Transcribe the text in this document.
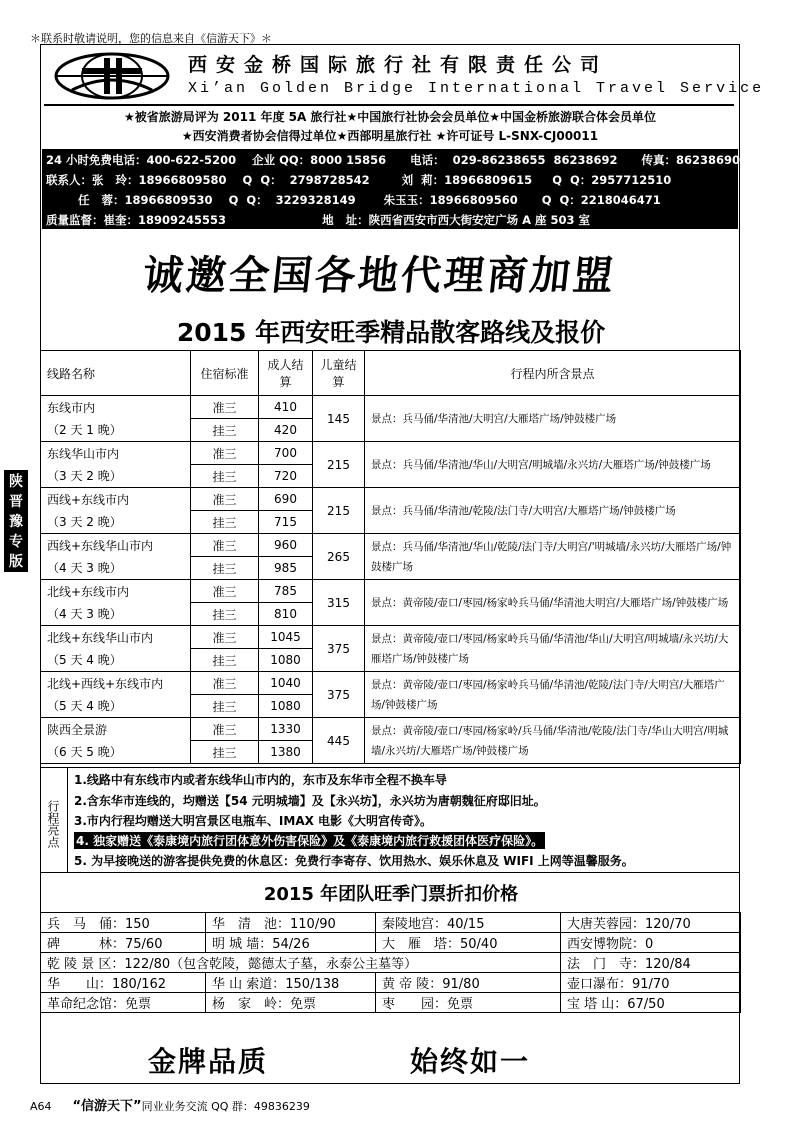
＊联系时敬请说明，您的信息来自《信游天下》＊
西安金桥国际旅行社有限责任公司
Xi’an Golden Bridge International Travel Service
★被省旅游局评为 2011 年度 5A 旅行社★中国旅行社协会会员单位★中国金桥旅游联合体会员单位
★西安消费者协会信得过单位★西部明星旅行社 ★许可证号 L-SNX-CJ00011
24 小时免费电话：400-622-5200    企业 QQ：8000 15856      电话：  029-86238655  86238692      传真：86238690
联系人：张   玲：18966809580    Q  Q：  2798728542        刘  莉：18966809615     Q  Q：2957712510
任   蓉：18966809530    Q  Q：  3229328149       朱玉玉：18966809560      Q  Q：2218046471
质量监督：崔奎：18909245553                        地   址：陕西省西安市西大街安定广场 A 座 503 室
诚邀全国各地代理商加盟
2015 年西安旺季精品散客路线及报价
陕晋豫专版
线路名称	住宿标准	成人结算	儿童结算	行程内所含景点

东线市内
（2 天 1 晚）	准三	410	145	景点：兵马俑/华清池/大明宫/大雁塔广场/钟鼓楼广场
	挂三	420		

东线华山市内
（3 天 2 晚）	准三	700	215	景点：兵马俑/华清池/华山/大明宫/明城墙/永兴坊/大雁塔广场/钟鼓楼广场
	挂三	720		

西线+东线市内
（3 天 2 晚）	准三	690	215	景点：兵马俑/华清池/乾陵/法门寺/大明宫/大雁塔广场/钟鼓楼广场
	挂三	715		

西线+东线华山市内
（4 天 3 晚）	准三	960	265	景点：兵马俑/华清池/华山/乾陵/法门寺/大明宫/'明城墙/永兴坊/大雁塔广场/钟鼓楼广场
	挂三	985		

北线+东线市内
（4 天 3 晚）	准三	785	315	景点：黄帝陵/壶口/枣园/杨家岭兵马俑/华清池大明宫/大雁塔广场/钟鼓楼广场
	挂三	810		

北线+东线华山市内
（5 天 4 晚）	准三	1045	375	景点：黄帝陵/壶口/枣园/杨家岭兵马俑/华清池/华山/大明宫/明城墙/永兴坊/大雁塔广场/钟鼓楼广场
	挂三	1080		

北线+西线+东线市内
（5 天 4 晚）	准三	1040	375	景点：黄帝陵/壶口/枣园/杨家岭兵马俑/华清池/乾陵/法门寺/大明宫/大雁塔广场/钟鼓楼广场
	挂三	1080		

陕西全景游
（6 天 5 晚）	准三	1330	445	景点：黄帝陵/壶口/枣园/杨家岭/兵马俑/华清池/乾陵/法门寺/华山大明宫/明城墙/永兴坊/大雁塔广场/钟鼓楼广场
	挂三	1380		
行程亮点
1.线路中有东线市内或者东线华山市内的，东市及东华市全程不换车导
2.含东华市连线的，均赠送【54 元明城墙】及【永兴坊】，永兴坊为唐朝魏征府邸旧址。
3.市内行程均赠送大明宫景区电瓶车、IMAX 电影《大明宫传奇》。
4. 独家赠送《泰康境内旅行团体意外伤害保险》及《泰康境内旅行救援团体医疗保险》。
5. 为早接晚送的游客提供免费的休息区：免费行李寄存、饮用热水、娱乐休息及 WIFI 上网等温馨服务。
2015 年团队旺季门票折扣价格
兵　马　俑：150	华　清　池：110/90	秦陵地宫：40/15	大唐芙蓉园：120/70
碑　　　林：75/60	明 城 墙：54/26	大　雁　塔：50/40	西安博物院：0
乾 陵 景 区：122/80（包含乾陵，懿德太子墓，永泰公主墓等）			法　门　寺：120/84
华　　山：180/162	华 山 索道：150/138	黄 帝 陵：91/80	壶口瀑布：91/70
革命纪念馆：免票	杨　家　岭：免票	枣　　园：免票	宝 塔 山：67/50
金牌品质	始终如一
A64 “信游天下”同业业务交流 QQ 群：49836239
